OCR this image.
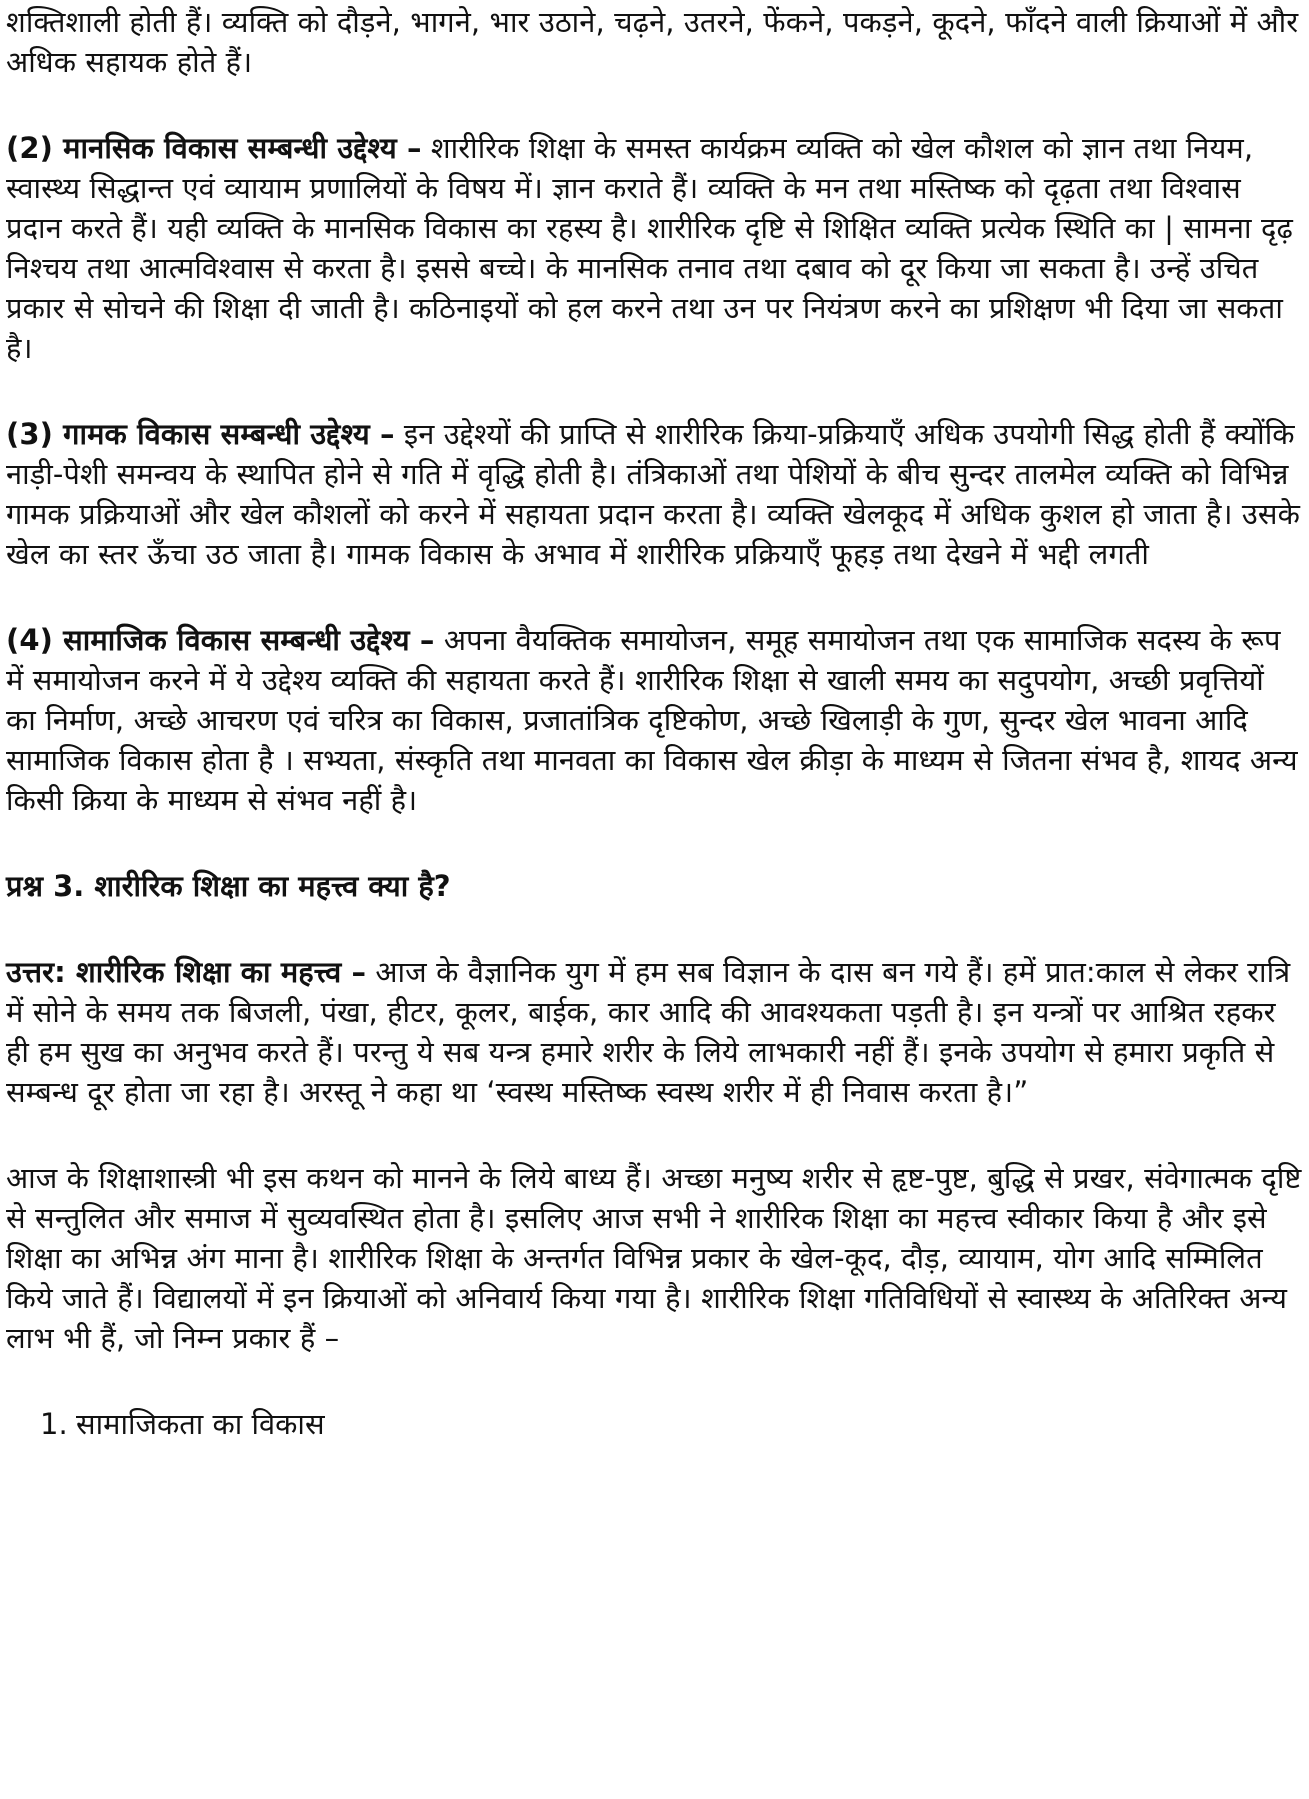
शक्तिशाली होती हैं। व्यक्ति को दौड़ने, भागने, भार उठाने, चढ़ने, उतरने, फेंकने, पकड़ने, कूदने, फाँदने वाली क्रियाओं में और अधिक सहायक होते हैं।

(2) मानसिक विकास सम्बन्धी उद्देश्य – शारीरिक शिक्षा के समस्त कार्यक्रम व्यक्ति को खेल कौशल को ज्ञान तथा नियम, स्वास्थ्य सिद्धान्त एवं व्यायाम प्रणालियों के विषय में। ज्ञान कराते हैं। व्यक्ति के मन तथा मस्तिष्क को दृढ़ता तथा विश्वास प्रदान करते हैं। यही व्यक्ति के मानसिक विकास का रहस्य है। शारीरिक दृष्टि से शिक्षित व्यक्ति प्रत्येक स्थिति का | सामना दृढ़ निश्चय तथा आत्मविश्वास से करता है। इससे बच्चे। के मानसिक तनाव तथा दबाव को दूर किया जा सकता है। उन्हें उचित प्रकार से सोचने की शिक्षा दी जाती है। कठिनाइयों को हल करने तथा उन पर नियंत्रण करने का प्रशिक्षण भी दिया जा सकता है।

(3) गामक विकास सम्बन्धी उद्देश्य – इन उद्देश्यों की प्राप्ति से शारीरिक क्रिया-प्रक्रियाएँ अधिक उपयोगी सिद्ध होती हैं क्योंकि नाड़ी-पेशी समन्वय के स्थापित होने से गति में वृद्धि होती है। तंत्रिकाओं तथा पेशियों के बीच सुन्दर तालमेल व्यक्ति को विभिन्न गामक प्रक्रियाओं और खेल कौशलों को करने में सहायता प्रदान करता है। व्यक्ति खेलकूद में अधिक कुशल हो जाता है। उसके खेल का स्तर ऊँचा उठ जाता है। गामक विकास के अभाव में शारीरिक प्रक्रियाएँ फूहड़ तथा देखने में भद्दी लगती

(4) सामाजिक विकास सम्बन्धी उद्देश्य – अपना वैयक्तिक समायोजन, समूह समायोजन तथा एक सामाजिक सदस्य के रूप में समायोजन करने में ये उद्देश्य व्यक्ति की सहायता करते हैं। शारीरिक शिक्षा से खाली समय का सदुपयोग, अच्छी प्रवृत्तियों का निर्माण, अच्छे आचरण एवं चरित्र का विकास, प्रजातांत्रिक दृष्टिकोण, अच्छे खिलाड़ी के गुण, सुन्दर खेल भावना आदि सामाजिक विकास होता है । सभ्यता, संस्कृति तथा मानवता का विकास खेल क्रीड़ा के माध्यम से जितना संभव है, शायद अन्य किसी क्रिया के माध्यम से संभव नहीं है।

प्रश्न 3. शारीरिक शिक्षा का महत्त्व क्या है?

उत्तर: शारीरिक शिक्षा का महत्त्व – आज के वैज्ञानिक युग में हम सब विज्ञान के दास बन गये हैं। हमें प्रात:काल से लेकर रात्रि में सोने के समय तक बिजली, पंखा, हीटर, कूलर, बाईक, कार आदि की आवश्यकता पड़ती है। इन यन्त्रों पर आश्रित रहकर ही हम सुख का अनुभव करते हैं। परन्तु ये सब यन्त्र हमारे शरीर के लिये लाभकारी नहीं हैं। इनके उपयोग से हमारा प्रकृति से सम्बन्ध दूर होता जा रहा है। अरस्तू ने कहा था ‘स्वस्थ मस्तिष्क स्वस्थ शरीर में ही निवास करता है।”

आज के शिक्षाशास्त्री भी इस कथन को मानने के लिये बाध्य हैं। अच्छा मनुष्य शरीर से हृष्ट-पुष्ट, बुद्धि से प्रखर, संवेगात्मक दृष्टि से सन्तुलित और समाज में सुव्यवस्थित होता है। इसलिए आज सभी ने शारीरिक शिक्षा का महत्त्व स्वीकार किया है और इसे शिक्षा का अभिन्न अंग माना है। शारीरिक शिक्षा के अन्तर्गत विभिन्न प्रकार के खेल-कूद, दौड़, व्यायाम, योग आदि सम्मिलित किये जाते हैं। विद्यालयों में इन क्रियाओं को अनिवार्य किया गया है। शारीरिक शिक्षा गतिविधियों से स्वास्थ्य के अतिरिक्त अन्य लाभ भी हैं, जो निम्न प्रकार हैं –

1. सामाजिकता का विकास
